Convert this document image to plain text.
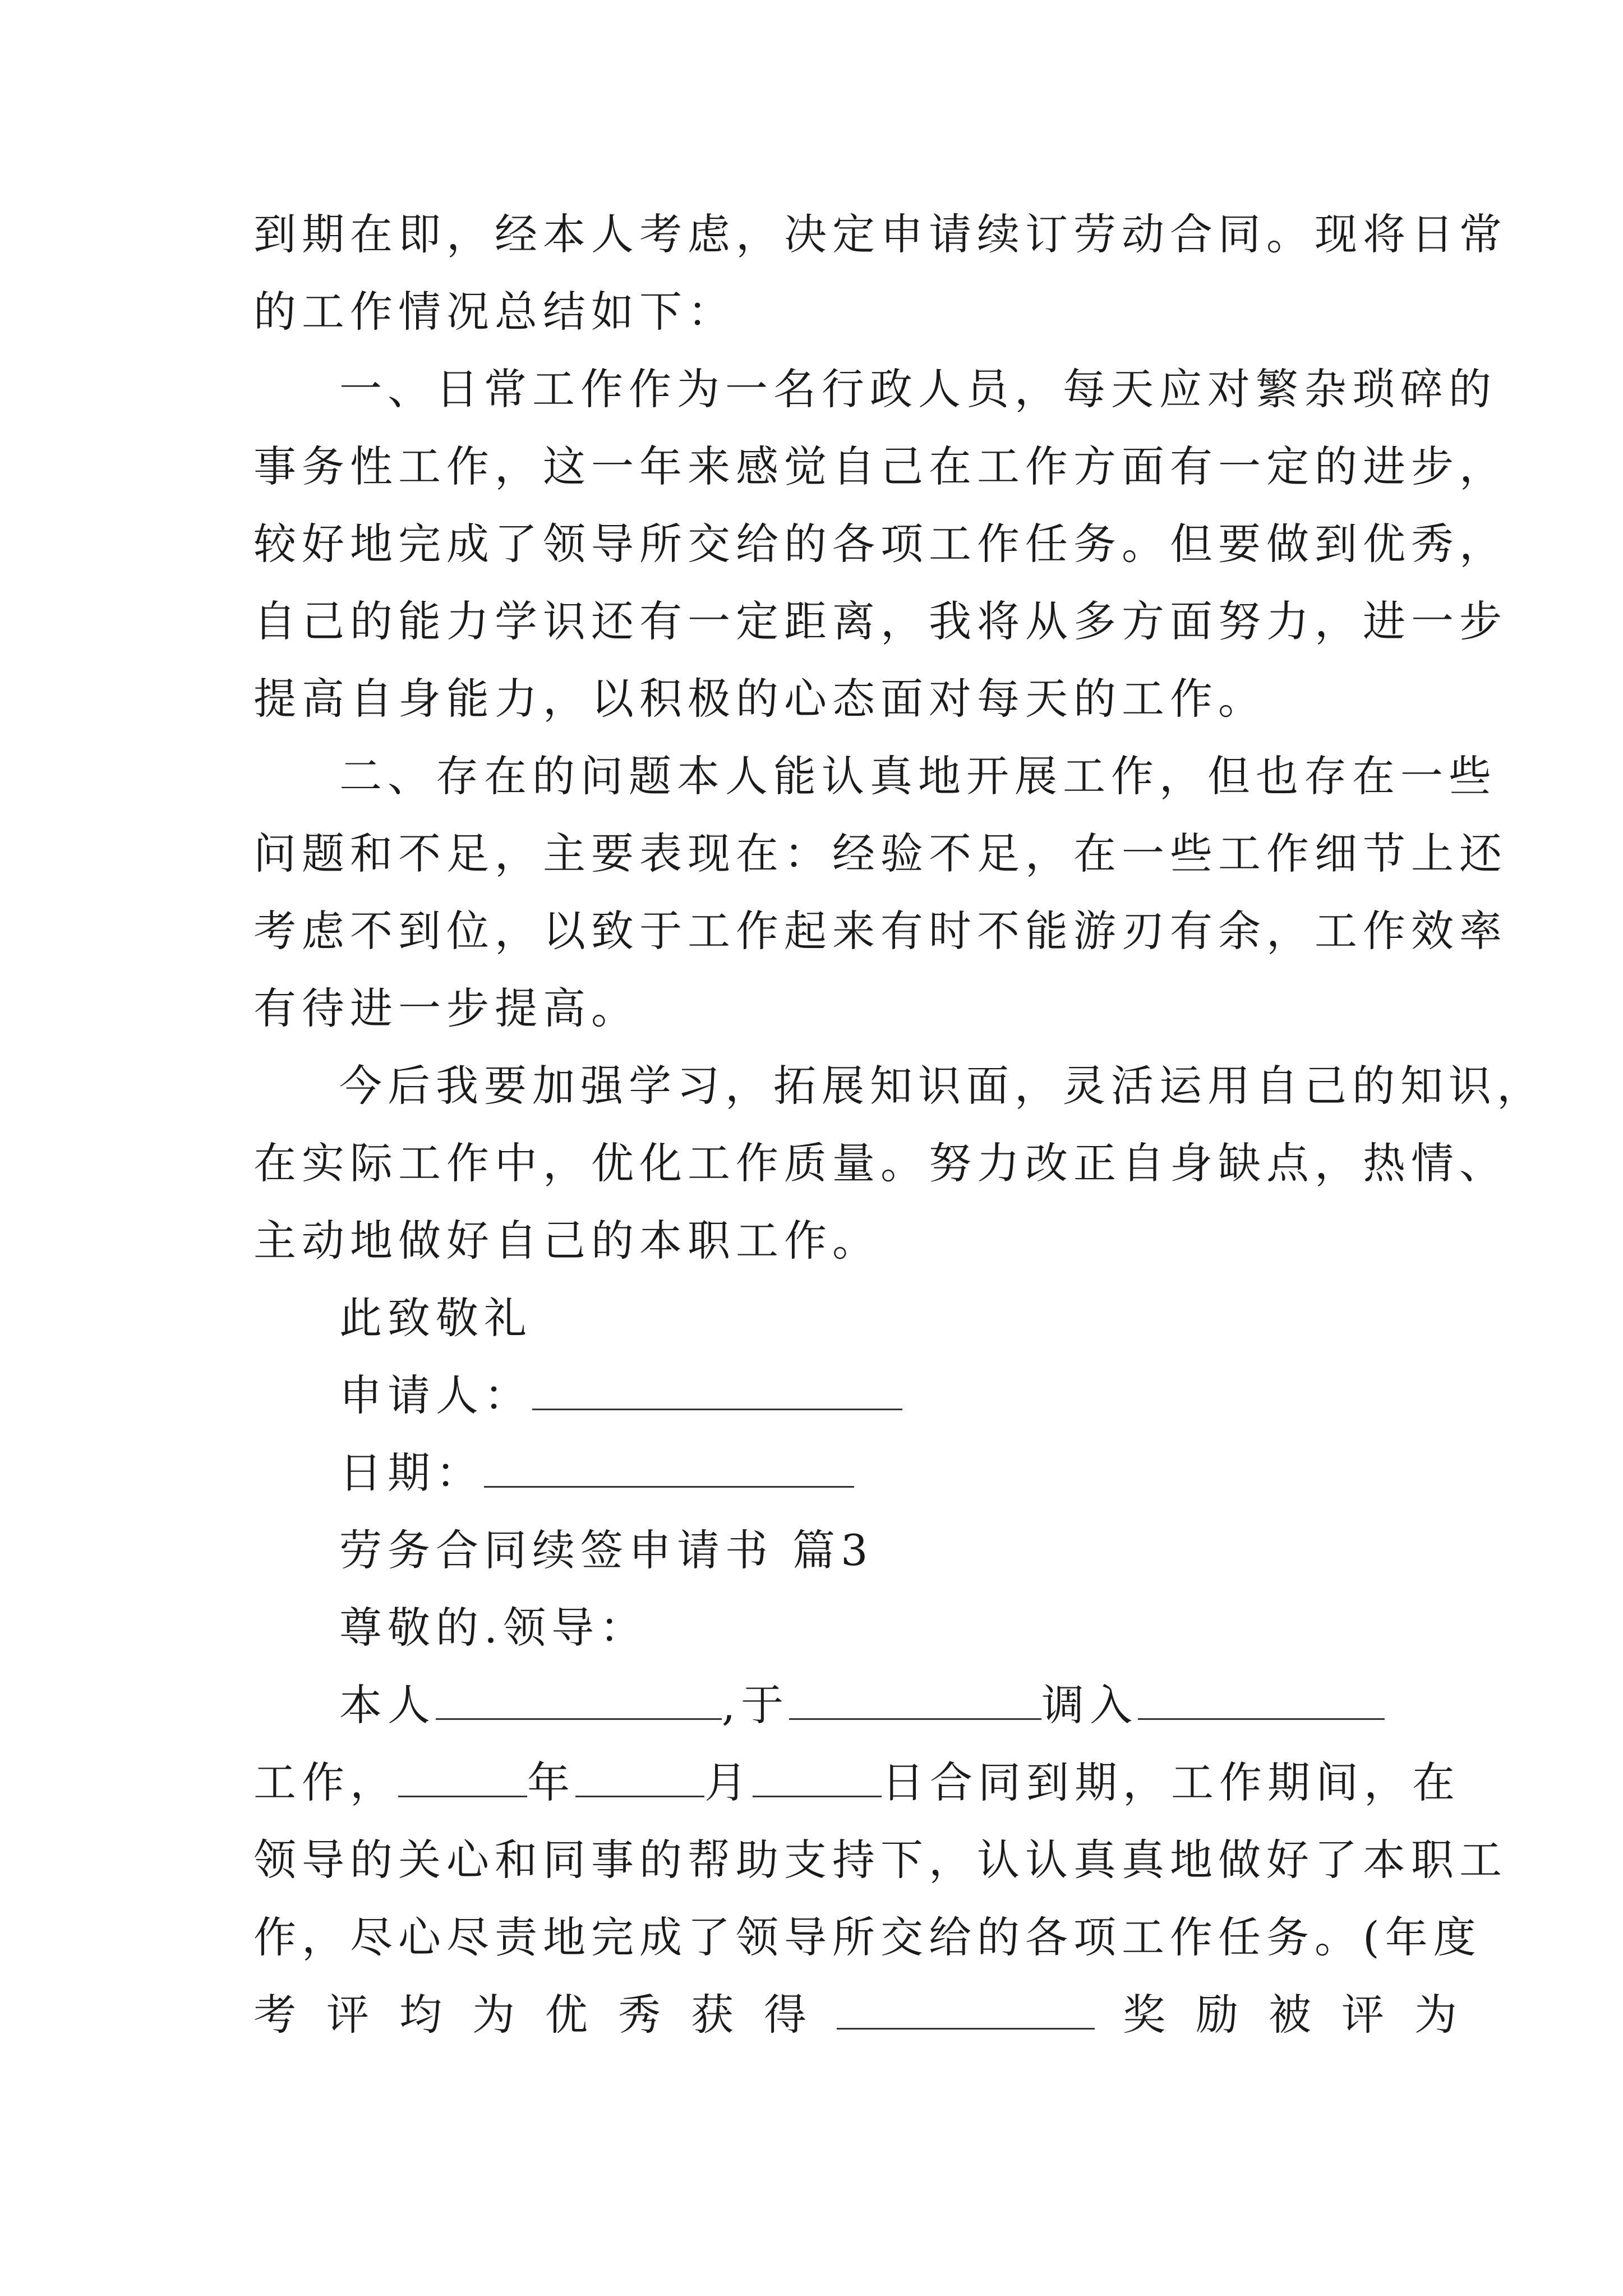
到期在即，经本人考虑，决定申请续订劳动合同。现将日常
的工作情况总结如下：
一、日常工作作为一名行政人员，每天应对繁杂琐碎的
事务性工作，这一年来感觉自己在工作方面有一定的进步，
较好地完成了领导所交给的各项工作任务。但要做到优秀，
自己的能力学识还有一定距离，我将从多方面努力，进一步
提高自身能力，以积极的心态面对每天的工作。
二、存在的问题本人能认真地开展工作，但也存在一些
问题和不足，主要表现在：经验不足，在一些工作细节上还
考虑不到位，以致于工作起来有时不能游刃有余，工作效率
有待进一步提高。
今后我要加强学习，拓展知识面，灵活运用自己的知识，
在实际工作中，优化工作质量。努力改正自身缺点，热情、
主动地做好自己的本职工作。
此致敬礼
申请人：
日期：
劳务合同续签申请书 篇3
尊敬的.领导：
本人	,于	调入
工作，	年	月	日合同到期，工作期间，在
领导的关心和同事的帮助支持下，认认真真地做好了本职工
作，尽心尽责地完成了领导所交给的各项工作任务。(年度
考评均为优秀获得	奖励被评为
